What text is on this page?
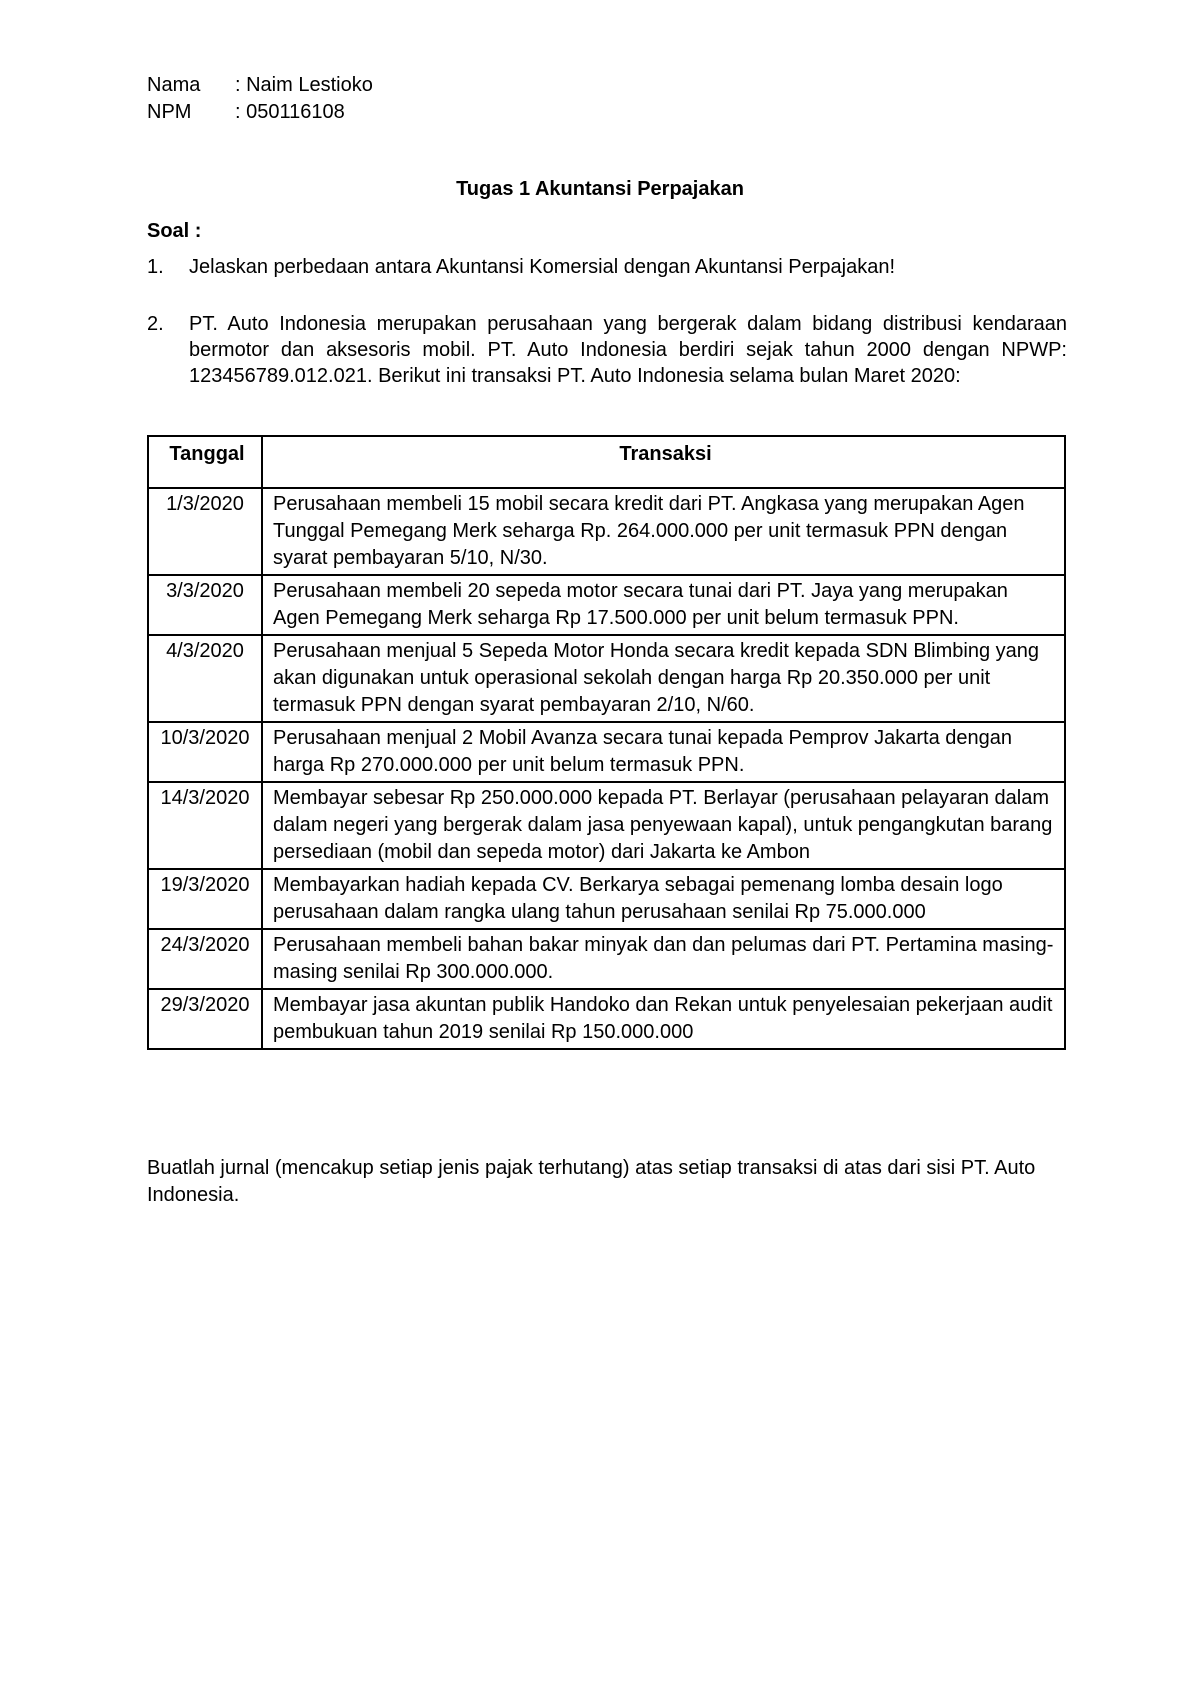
Nama	: Naim Lestioko
NPM	: 050116108
Tugas 1 Akuntansi Perpajakan
Soal :
1.	Jelaskan perbedaan antara Akuntansi Komersial dengan Akuntansi Perpajakan!
2.	PT. Auto Indonesia merupakan perusahaan yang bergerak dalam bidang distribusi kendaraan bermotor dan aksesoris mobil. PT. Auto Indonesia berdiri sejak tahun 2000 dengan NPWP: 123456789.012.021. Berikut ini transaksi PT. Auto Indonesia selama bulan Maret 2020:
Tanggal	Transaksi
1/3/2020	Perusahaan membeli 15 mobil secara kredit dari PT. Angkasa yang merupakan Agen Tunggal Pemegang Merk seharga Rp. 264.000.000 per unit termasuk PPN dengan syarat pembayaran 5/10, N/30.
3/3/2020	Perusahaan membeli 20 sepeda motor secara tunai dari PT. Jaya yang merupakan Agen Pemegang Merk seharga Rp 17.500.000 per unit belum termasuk PPN.
4/3/2020	Perusahaan menjual 5 Sepeda Motor Honda secara kredit kepada SDN Blimbing yang akan digunakan untuk operasional sekolah dengan harga Rp 20.350.000 per unit termasuk PPN dengan syarat pembayaran 2/10, N/60.
10/3/2020	Perusahaan menjual 2 Mobil Avanza secara tunai kepada Pemprov Jakarta dengan harga Rp 270.000.000 per unit belum termasuk PPN.
14/3/2020	Membayar sebesar Rp 250.000.000 kepada PT. Berlayar (perusahaan pelayaran dalam dalam negeri yang bergerak dalam jasa penyewaan kapal), untuk pengangkutan barang persediaan (mobil dan sepeda motor) dari Jakarta ke Ambon
19/3/2020	Membayarkan hadiah kepada CV. Berkarya sebagai pemenang lomba desain logo perusahaan dalam rangka ulang tahun perusahaan senilai Rp 75.000.000
24/3/2020	Perusahaan membeli bahan bakar minyak dan dan pelumas dari PT. Pertamina masing-masing senilai Rp 300.000.000.
29/3/2020	Membayar jasa akuntan publik Handoko dan Rekan untuk penyelesaian pekerjaan audit pembukuan tahun 2019 senilai Rp 150.000.000
Buatlah jurnal (mencakup setiap jenis pajak terhutang) atas setiap transaksi di atas dari sisi PT. Auto Indonesia.
